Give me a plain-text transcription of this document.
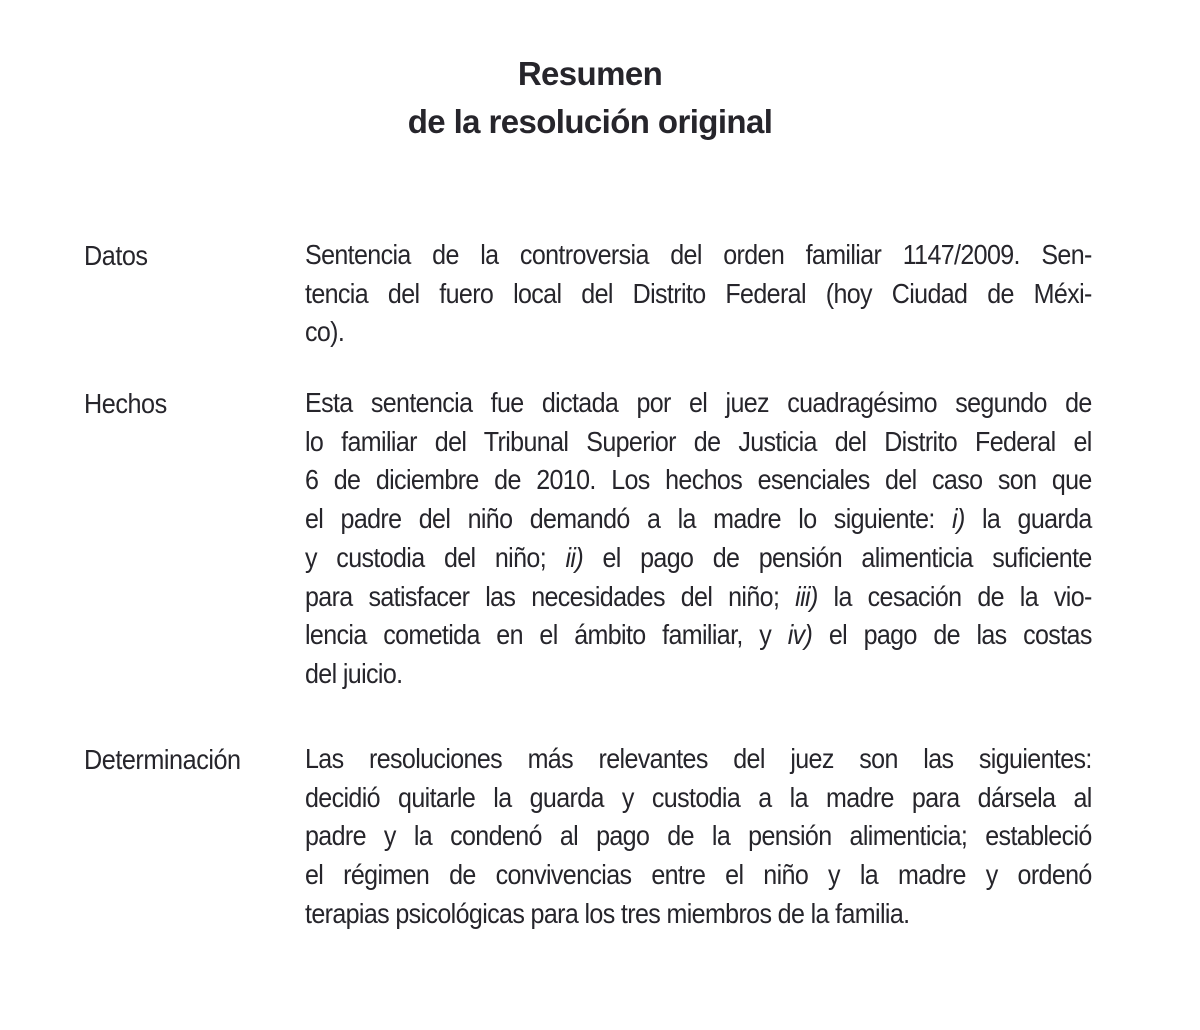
Resumen
de la resolución original
Datos	Sentencia de la controversia del orden familiar 1147/2009. Sen-
tencia del fuero local del Distrito Federal (hoy Ciudad de Méxi-
co).
Hechos	Esta sentencia fue dictada por el juez cuadragésimo segundo de
lo familiar del Tribunal Superior de Justicia del Distrito Federal el
6 de diciembre de 2010. Los hechos esenciales del caso son que
el padre del niño demandó a la madre lo siguiente: i) la guarda
y custodia del niño; ii) el pago de pensión alimenticia suficiente
para satisfacer las necesidades del niño; iii) la cesación de la vio-
lencia cometida en el ámbito familiar, y iv) el pago de las costas
del juicio.
Determinación Las resoluciones más relevantes del juez son las siguientes:
decidió quitarle la guarda y custodia a la madre para dársela al
padre y la condenó al pago de la pensión alimenticia; estableció
el régimen de convivencias entre el niño y la madre y ordenó
terapias psicológicas para los tres miembros de la familia.
